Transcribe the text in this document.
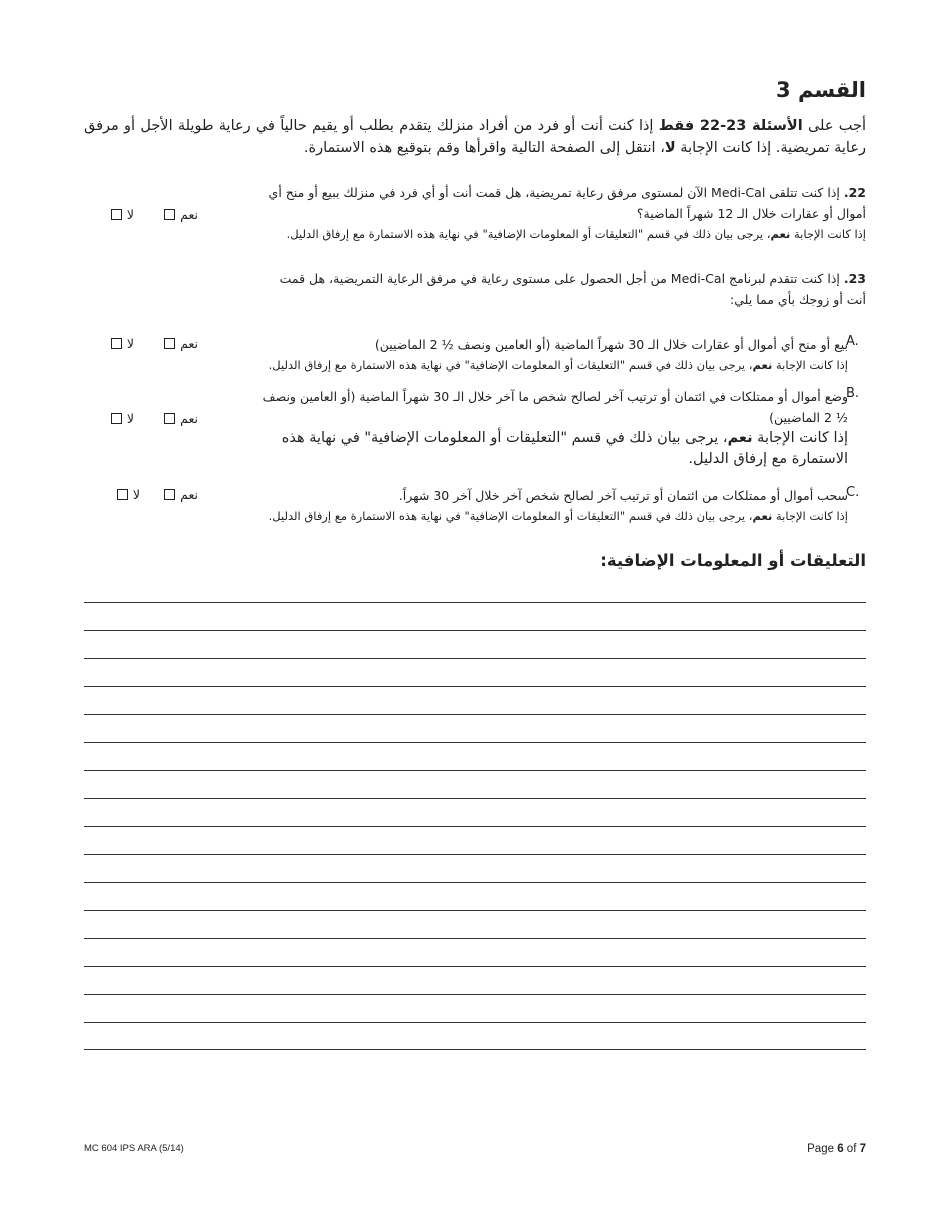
القسم 3
أجب على الأسئلة 23-22 فقط إذا كنت أنت أو فرد من أفراد منزلك يتقدم بطلب أو يقيم حالياً في رعاية طويلة الأجل أو مرفق رعاية تمريضية. إذا كانت الإجابة لا، انتقل إلى الصفحة التالية واقرأها وقم بتوقيع هذه الاستمارة.
22. إذا كنت تتلقى Medi-Cal الآن لمستوى مرفق رعاية تمريضية، هل قمت أنت أو أي فرد في منزلك ببيع أو منح أي أموال أو عقارات خلال الـ 12 شهراً الماضية؟
إذا كانت الإجابة نعم، يرجى بيان ذلك في قسم "التعليقات أو المعلومات الإضافية" في نهاية هذه الاستمارة مع إرفاق الدليل.
نعم
لا
23. إذا كنت تتقدم لبرنامج Medi-Cal من أجل الحصول على مستوى رعاية في مرفق الرعاية التمريضية، هل قمت أنت أو زوجك بأي مما يلي:
A.
بيع أو منح أي أموال أو عقارات خلال الـ 30 شهراً الماضية (أو العامين ونصف ½ 2 الماضيين)
إذا كانت الإجابة نعم، يرجى بيان ذلك في قسم "التعليقات أو المعلومات الإضافية" في نهاية هذه الاستمارة مع إرفاق الدليل.
نعم
لا
B.
وضع أموال أو ممتلكات في ائتمان أو ترتيب آخر لصالح شخص ما آخر خلال الـ 30 شهراً الماضية (أو العامين ونصف ½ 2 الماضيين)
إذا كانت الإجابة نعم، يرجى بيان ذلك في قسم "التعليقات أو المعلومات الإضافية" في نهاية هذه الاستمارة مع إرفاق الدليل.
نعم
لا
C.
سحب أموال أو ممتلكات من ائتمان أو ترتيب آخر لصالح شخص آخر خلال آخر 30 شهراً.
إذا كانت الإجابة نعم، يرجى بيان ذلك في قسم "التعليقات أو المعلومات الإضافية" في نهاية هذه الاستمارة مع إرفاق الدليل.
نعم
لا
التعليقات أو المعلومات الإضافية:
MC 604 IPS ARA (5/14)	Page 6 of 7
